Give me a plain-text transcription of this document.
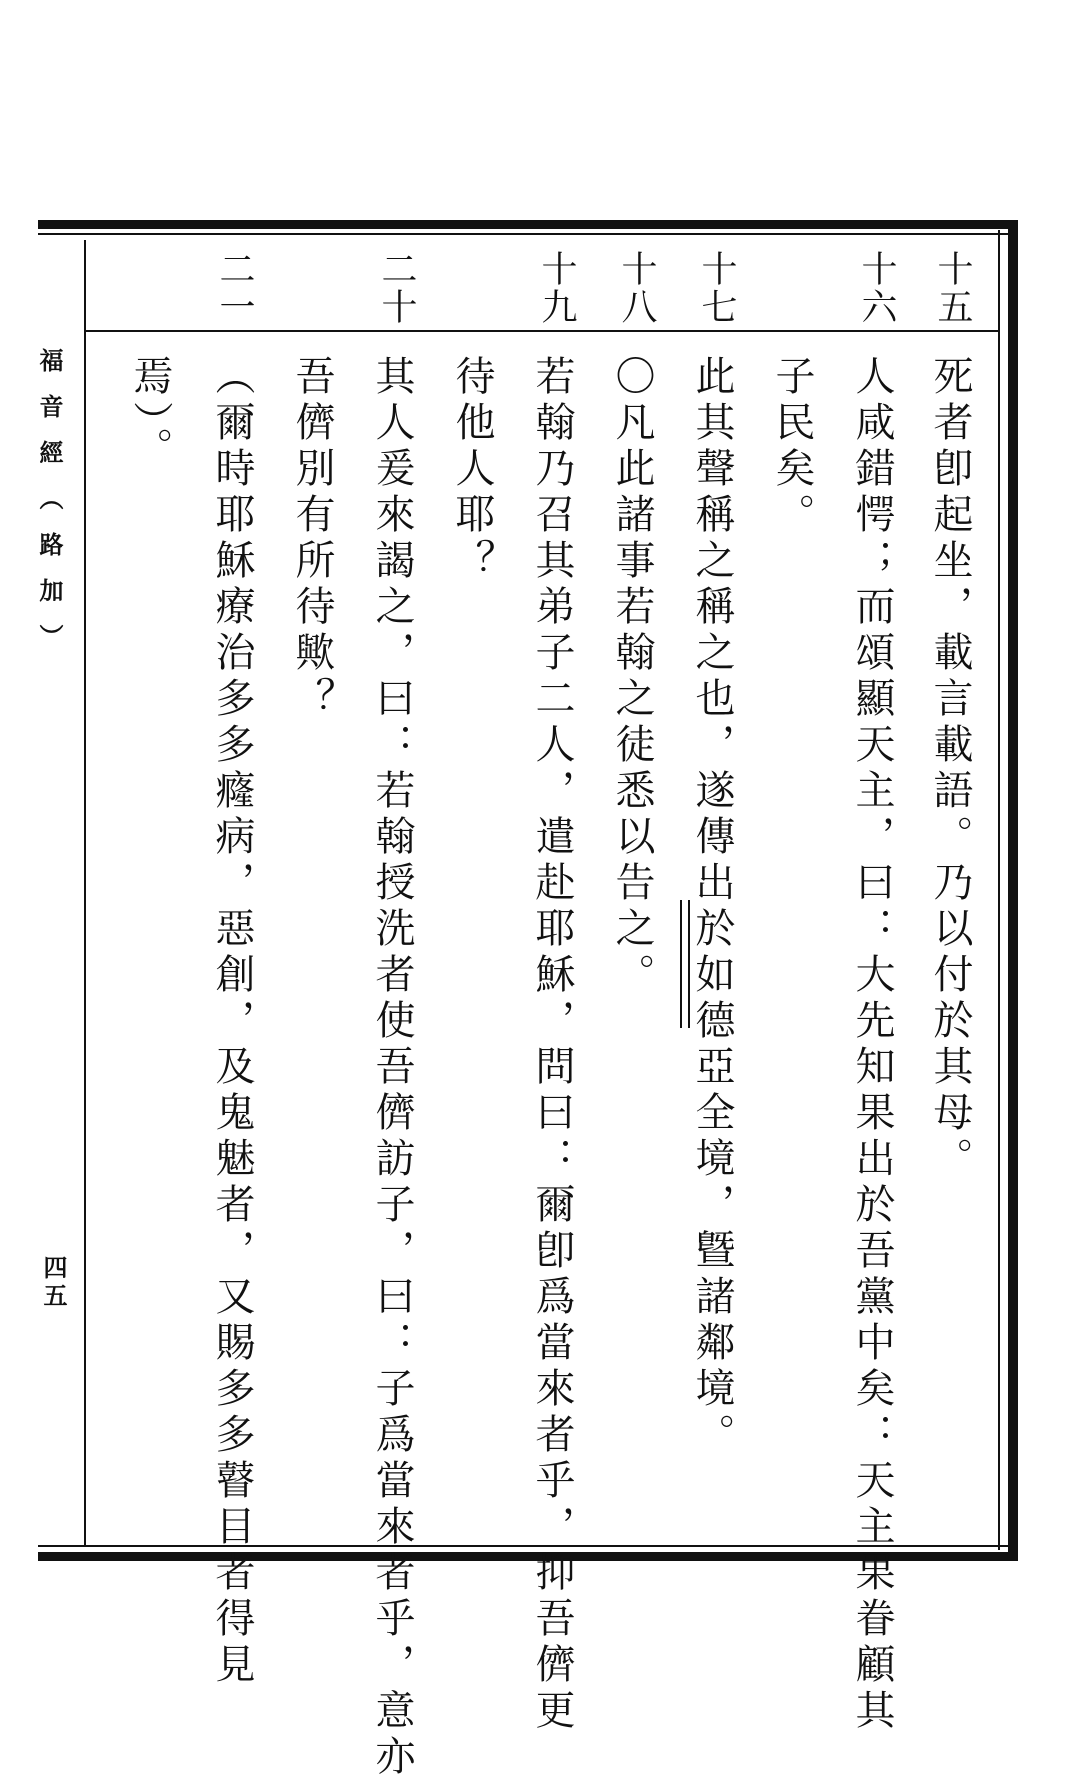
福音經（路加）
四五
十五
十六
十七
十八
十九
二十
二一
死者卽起坐，載言載語。乃以付於其母。
人咸錯愕；而頌顯天主，曰：大先知果出於吾黨中矣：天主果眷顧其
子民矣。
此其聲稱之稱之也，遂傳出於如德亞全境，曁諸鄰境。
〇凡此諸事若翰之徒悉以告之。
若翰乃召其弟子二人，遣赴耶穌，問曰：爾卽爲當來者乎，抑吾儕更
待他人耶？
其人爰來謁之，曰：若翰授洗者使吾儕訪子，曰：子爲當來者乎，意亦
吾儕別有所待歟？
（爾時耶穌療治多多癃病，惡創，及鬼魅者，又賜多多瞽目者得見
焉）。
